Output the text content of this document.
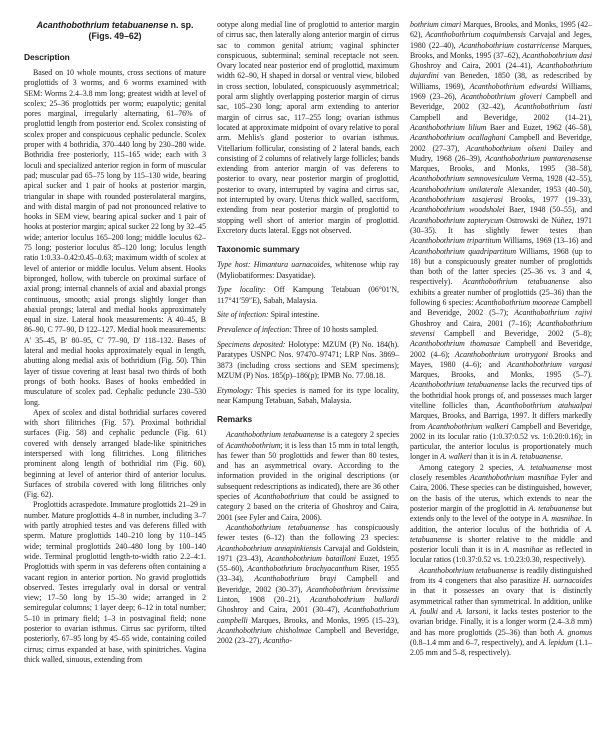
Acanthobothrium tetabuanense n. sp.
(Figs. 49–62)
Description
Based on 10 whole mounts, cross sections of mature proglottids of 3 worms, and 6 worms examined with SEM: Worms 2.4–3.8 mm long; greatest width at level of scolex; 25–36 proglottids per worm; euapolytic; genital pores marginal, irregularly alternating, 61–76% of proglottid length from posterior end. Scolex consisting of scolex proper and conspicuous cephalic peduncle. Scolex proper with 4 bothridia, 370–440 long by 230–280 wide. Bothridia free posteriorly, 115–165 wide; each with 3 loculi and specialized anterior region in form of muscular pad; muscular pad 65–75 long by 115–130 wide, bearing apical sucker and 1 pair of hooks at posterior margin, triangular in shape with rounded posterolateral margins, and with distal margin of pad not pronounced relative to hooks in SEM view, bearing apical sucker and 1 pair of hooks at posterior margin; apical sucker 22 long by 32–45 wide; anterior loculus 165–200 long; middle loculus 62–75 long; posterior loculus 85–120 long; loculus length ratio 1:0.33–0.42:0.45–0.63; maximum width of scolex at level of anterior or middle loculus. Velum absent. Hooks bipronged, hollow, with tubercle on proximal surface of axial prong; internal channels of axial and abaxial prongs continuous, smooth; axial prongs slightly longer than abaxial prongs; lateral and medial hooks approximately equal in size. Lateral hook measurements: A 40–45, B 86–90, C 77–90, D 122–127. Medial hook measurements: A′ 35–45, B′ 80–95, C′ 77–90, D′ 118–132. Bases of lateral and medial hooks approximately equal in length, abutting along medial axis of bothridium (Fig. 50). Thin layer of tissue covering at least basal two thirds of both prongs of both hooks. Bases of hooks embedded in musculature of scolex pad. Cephalic peduncle 230–530 long.
Apex of scolex and distal bothridial surfaces covered with short filitriches (Fig. 57). Proximal bothridial surfaces (Fig. 58) and cephalic peduncle (Fig. 61) covered with densely arranged blade-like spinitriches interspersed with long filitriches. Long filitriches prominent along length of bothridial rim (Fig. 60), beginning at level of anterior third of anterior loculus. Surfaces of strobila covered with long filitriches only (Fig. 62).
Proglottids acraspedote. Immature proglottids 21–29 in number. Mature proglottids 4–8 in number, including 3–7 with partly atrophied testes and vas deferens filled with sperm. Mature proglottids 140–210 long by 110–145 wide; terminal proglottids 240–480 long by 100–140 wide. Terminal proglottid length-to-width ratio 2.2–4:1. Proglottids with sperm in vas deferens often containing a vacant region in anterior portion. No gravid proglottids observed. Testes irregularly oval in dorsal or ventral view; 17–50 long by 15–30 wide; arranged in 2 semiregular columns; 1 layer deep; 6–12 in total number; 5–10 in primary field; 1–3 in postvaginal field; none posterior to ovarian isthmus. Cirrus sac pyriform, tilted posteriorly, 67–95 long by 45–65 wide, containing coiled cirrus; cirrus expanded at base, with spinitriches. Vagina thick walled, sinuous, extending from
ootype along medial line of proglottid to anterior margin of cirrus sac, then laterally along anterior margin of cirrus sac to common genital atrium; vaginal sphincter conspicuous, subterminal; seminal receptacle not seen. Ovary located near posterior end of proglottid, maximum width 62–90, H shaped in dorsal or ventral view, bilobed in cross section, lobulated, conspicuously asymmetrical; poral arm slightly overlapping posterior margin of cirrus sac, 105–230 long; aporal arm extending to anterior margin of cirrus sac, 117–255 long; ovarian isthmus located at approximate midpoint of ovary relative to poral arm. Mehlis's gland posterior to ovarian isthmus. Vitellarium follicular, consisting of 2 lateral bands, each consisting of 2 columns of relatively large follicles; bands extending from anterior margin of vas deferens to posterior to ovary, near posterior margin of proglottid, posterior to ovary, interrupted by vagina and cirrus sac, not interrupted by ovary. Uterus thick walled, sacciform, extending from near posterior margin of proglottid to stopping well short of anterior margin of proglottid. Excretory ducts lateral. Eggs not observed.
Taxonomic summary
Type host: Himantura uarnacoides, whitenose whip ray (Myliobatiformes: Dasyatidae).
Type locality: Off Kampung Tetabuan (06°01′N, 117°41′59″E), Sabah, Malaysia.
Site of infection: Spiral intestine.
Prevalence of infection: Three of 10 hosts sampled.
Specimens deposited: Holotype: MZUM (P) No. 184(h). Paratypes USNPC Nos. 97470–97471; LRP Nos. 3869–3873 (including cross sections and SEM specimens); MZUM (P) Nos. 185(p)–186(p); IPMB No. 77.08.18.
Etymology: This species is named for its type locality, near Kampung Tetabuan, Sabah, Malaysia.
Remarks
Acanthobothrium tetabuanense is a category 2 species of Acanthobothrium; it is less than 15 mm in total length, has fewer than 50 proglottids and fewer than 80 testes, and has an asymmetrical ovary. According to the information provided in the original descriptions (or subsequent redescriptions as indicated), there are 36 other species of Acanthobothrium that could be assigned to category 2 based on the criteria of Ghoshroy and Caira, 2001 (see Fyler and Caira, 2006).
Acanthobothrium tetabuanense has conspicuously fewer testes (6–12) than the following 23 species: Acanthobothrium annapinkiensis Carvajal and Goldstein, 1971 (23–43), Acanthobothrium batailloni Euzet, 1955 (55–60), Acanthobothrium brachyacanthum Riser, 1955 (33–34), Acanthobothrium brayi Campbell and Beveridge, 2002 (30–37), Acanthobothrium brevissime Linton, 1908 (20–21), Acanthobothrium bullardi Ghoshroy and Caira, 2001 (30–47), Acanthobothrium campbelli Marques, Brooks, and Monks, 1995 (15–23), Acanthobothrium chisholmae Campbell and Beveridge, 2002 (23–27), Acantho-
bothrium cimari Marques, Brooks, and Monks, 1995 (42–62), Acanthobothrium coquimbensis Carvajal and Jeges, 1980 (22–40), Acanthobothrium costarricense Marques, Brooks, and Monks, 1995 (37–62), Acanthobothrium dasi Ghoshroy and Caira, 2001 (24–41), Acanthobothrium dujardini van Beneden, 1850 (38, as redescribed by Williams, 1969), Acanthobothrium edwardsi Williams, 1969 (23–26), Acanthobothrium gloveri Campbell and Beveridge, 2002 (32–42), Acanthobothrium lasti Campbell and Beveridge, 2002 (14–21), Acanthobothrium lilium Baer and Euzet, 1962 (46–58), Acanthobothrium ocallaghani Campbell and Beveridge, 2002 (27–37), Acanthobothrium olseni Dailey and Mudry, 1968 (26–39), Acanthobothrium puntarenasense Marques, Brooks, and Monks, 1995 (38–58), Acanthobothrium semnovesiculum Verma, 1928 (42–55), Acanthobothrium unilaterale Alexander, 1953 (40–50), Acanthobothrium tasajerasi Brooks, 1977 (19–33), Acanthobothrium woodsholei Baer, 1948 (50–55), and Acanthobothrium zapterycum Ostrowski de Núñez, 1971 (30–35). It has slightly fewer testes than Acanthobothrium tripartitum Williams, 1969 (13–16) and Acanthobothrium quadripartitum Williams, 1968 (up to 18) but a conspicuously greater number of proglottids than both of the latter species (25–36 vs. 3 and 4, respectively). Acanthobothrium tetabuanense also exhibits a greater number of proglottids (25–36) than the following 6 species: Acanthobothrium mooreae Campbell and Beveridge, 2002 (5–7); Acanthobothrium rajivi Ghoshroy and Caira, 2001 (7–16); Acanthobothrium stevensi Campbell and Beveridge, 2002 (5–8); Acanthobothrium thomasae Campbell and Beveridge, 2002 (4–6); Acanthobothrium urotrygoni Brooks and Mayes, 1980 (4–6); and Acanthobothrium vargasi Marques, Brooks, and Monks, 1995 (5–7). Acanthobothrium tetabuanense lacks the recurved tips of the bothridial hook prongs of, and possesses much larger vitelline follicles than, Acanthobothrium atahualpai Marques, Brooks, and Barriga, 1997. It differs markedly from Acanthobothrium walkeri Campbell and Beveridge, 2002 in its locular ratio (1:0.37:0.52 vs. 1:0.20:0.16); in particular, the anterior loculus is proportionately much longer in A. walkeri than it is in A. tetabuanense.
Among category 2 species, A. tetabuanense most closely resembles Acanthobothrium masnihae Fyler and Caira, 2006. These species can be distinguished, however, on the basis of the uterus, which extends to near the posterior margin of the proglottid in A. tetabuanense but extends only to the level of the ootype in A. masnihae. In addition, the anterior loculus of the bothridia of A. tetabuanense is shorter relative to the middle and posterior loculi than it is in A. masnihae as reflected in locular ratios (1:0.37:0.52 vs. 1:0.23:0.30, respectively).
Acanthobothrium tetabuanense is readily distinguished from its 4 congeners that also parasitize H. uarnacoides in that it possesses an ovary that is distinctly asymmetrical rather than symmetrical. In addition, unlike A. foulki and A. larsoni, it lacks testes posterior to the ovarian bridge. Finally, it is a longer worm (2.4–3.8 mm) and has more proglottids (25–36) than both A. gnomus (0.8–1.4 mm and 6–7, respectively), and A. lepidum (1.1–2.05 mm and 5–8, respectively).
